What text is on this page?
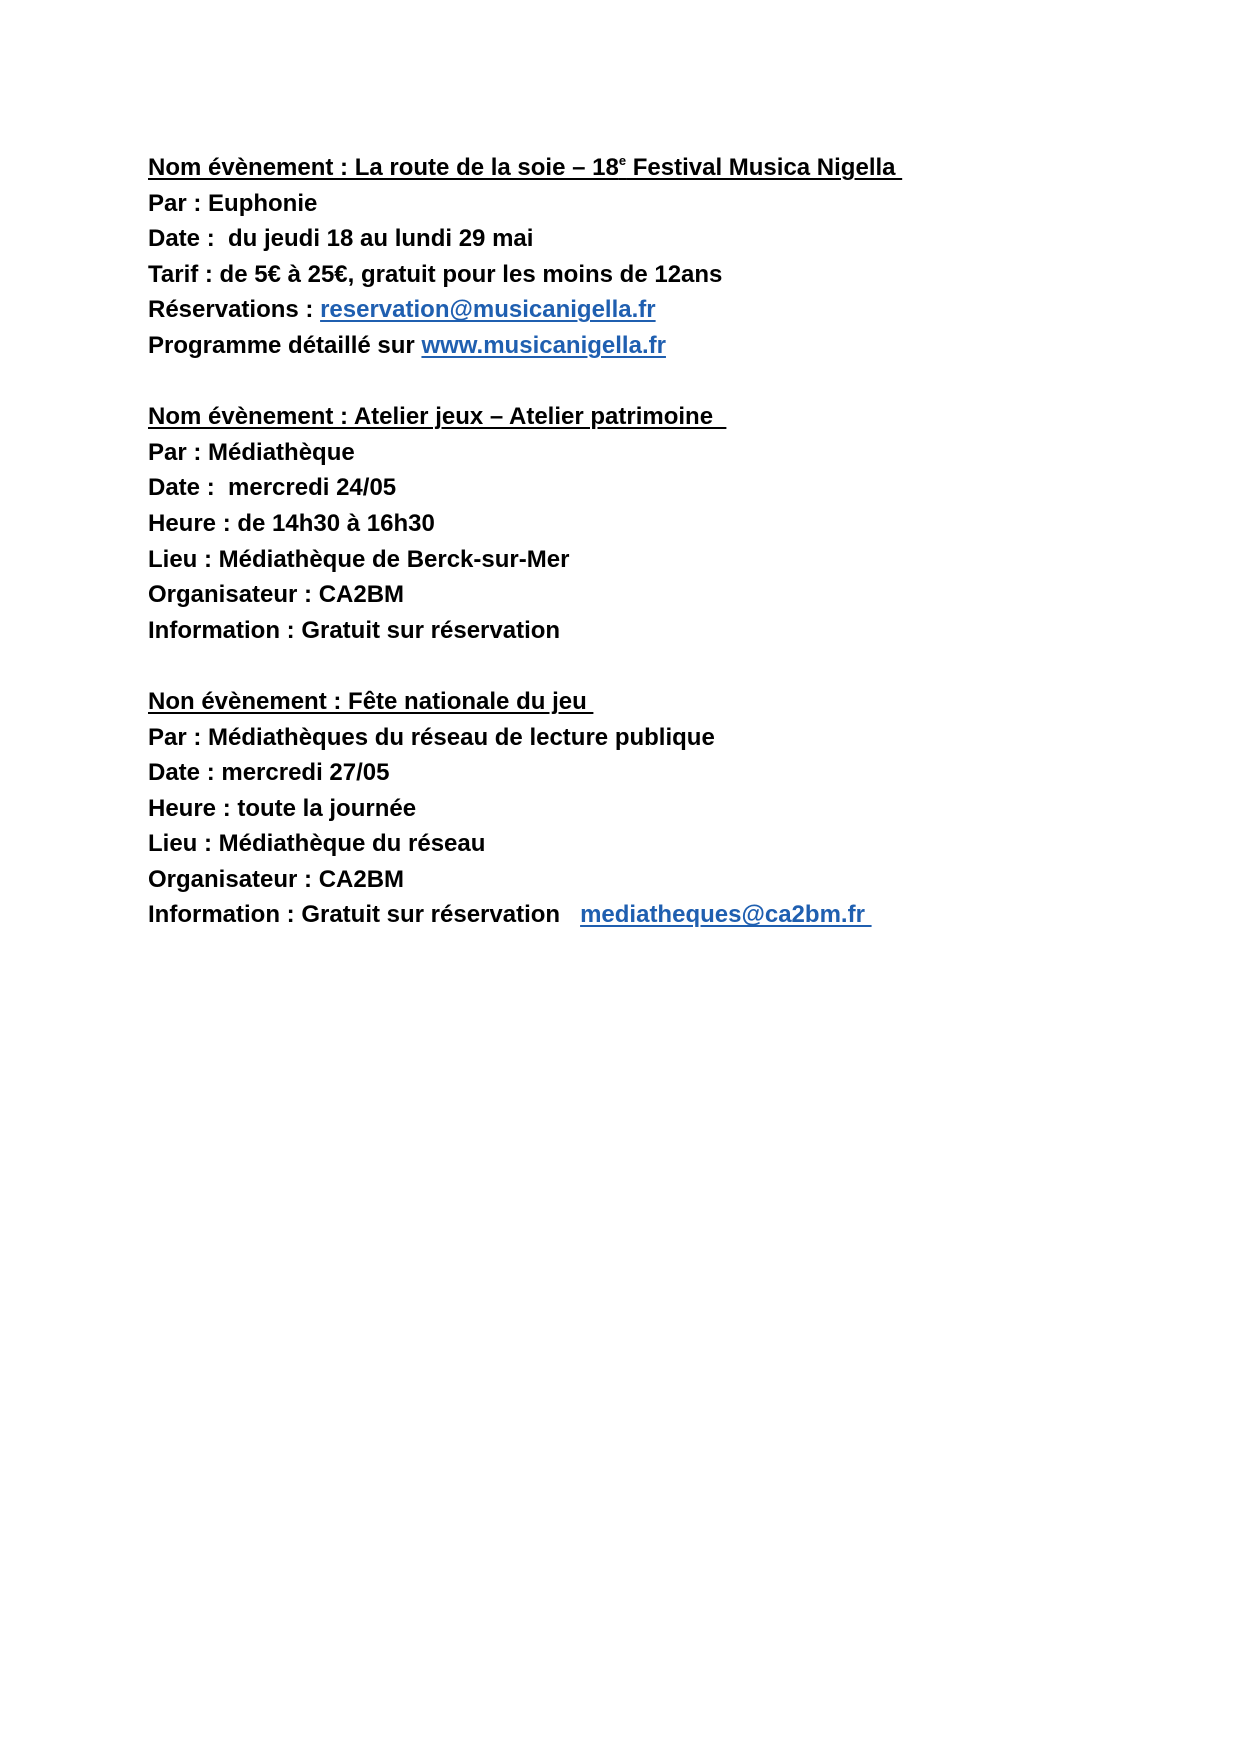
Nom évènement : La route de la soie – 18e Festival Musica Nigella
Par : Euphonie
Date :  du jeudi 18 au lundi 29 mai
Tarif : de 5€ à 25€, gratuit pour les moins de 12ans
Réservations : reservation@musicanigella.fr
Programme détaillé sur www.musicanigella.fr
Nom évènement : Atelier jeux – Atelier patrimoine
Par : Médiathèque
Date :  mercredi 24/05
Heure : de 14h30 à 16h30
Lieu : Médiathèque de Berck-sur-Mer
Organisateur : CA2BM
Information : Gratuit sur réservation
Non évènement : Fête nationale du jeu
Par : Médiathèques du réseau de lecture publique
Date : mercredi 27/05
Heure : toute la journée
Lieu : Médiathèque du réseau
Organisateur : CA2BM
Information : Gratuit sur réservation mediatheques@ca2bm.fr
